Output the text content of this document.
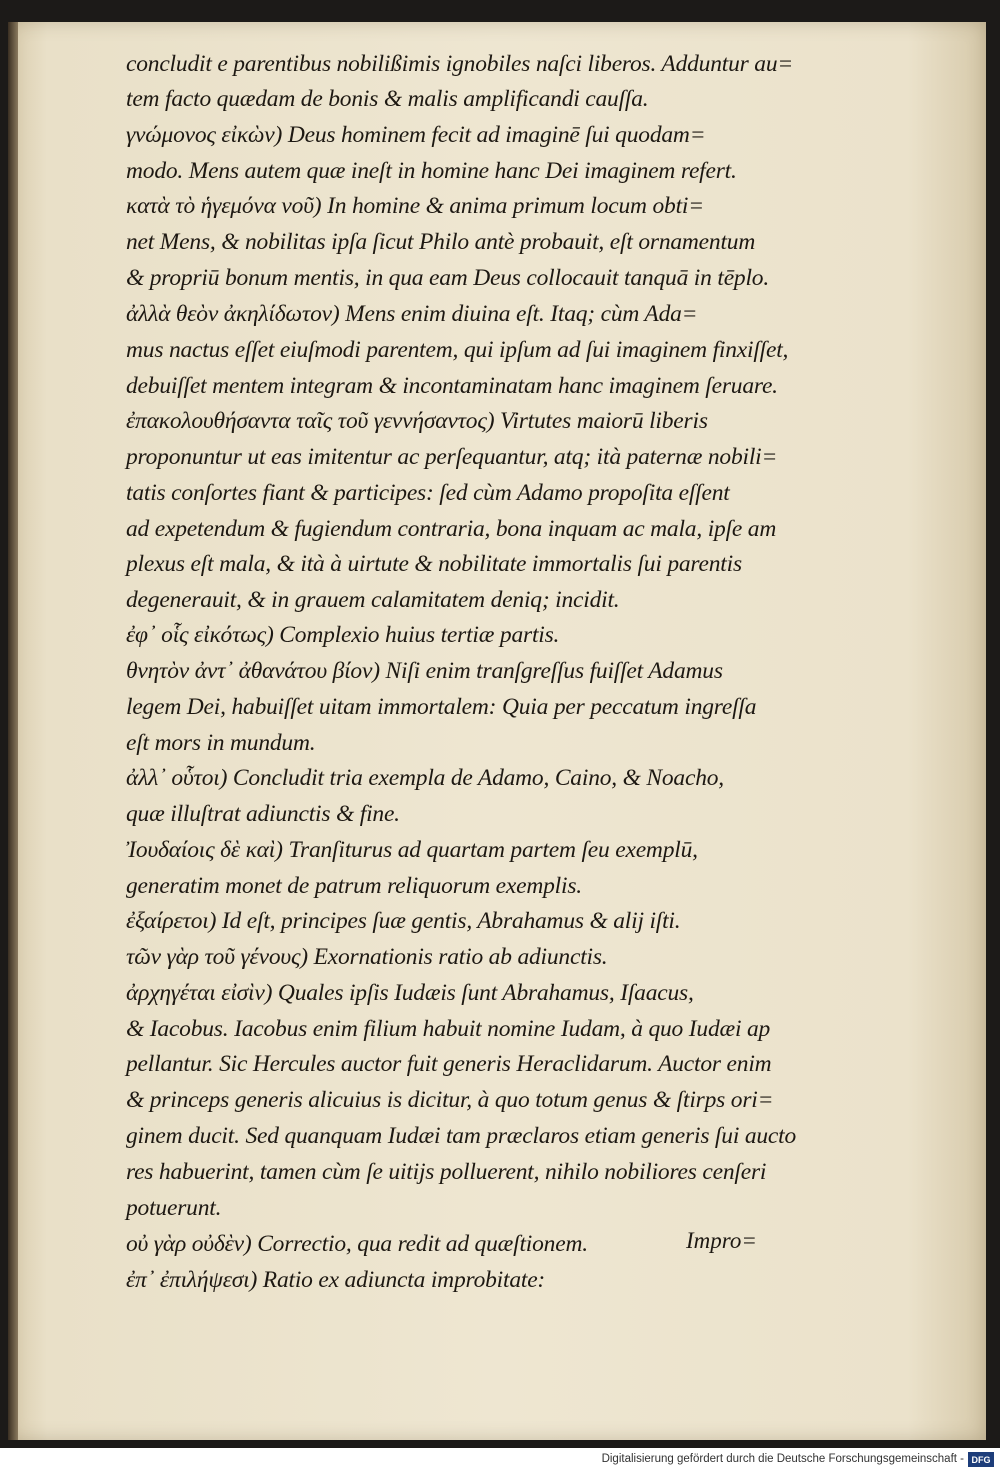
concludit e parentibus nobilißimis ignobiles naſci liberos. Adduntur au=
tem facto quædam de bonis & malis amplificandi cauſſa.
γνώμονος εἰκὼν) Deus hominem fecit ad imaginē ſui quodam=
modo. Mens autem quæ ineſt in homine hanc Dei imaginem refert.
κατὰ τὸ ἡγεμόνα νοῦ) In homine & anima primum locum obti=
net Mens, & nobilitas ipſa ſicut Philo antè probauit, eſt ornamentum
& propriū bonum mentis, in qua eam Deus collocauit tanquā in tēplo.
ἀλλὰ θεὸν ἀκηλίδωτον) Mens enim diuina eſt. Itaq; cùm Ada=
mus nactus eſſet eiuſmodi parentem, qui ipſum ad ſui imaginem finxiſſet,
debuiſſet mentem integram & incontaminatam hanc imaginem ſeruare.
ἐπακολουθήσαντα ταῖς τοῦ γεννήσαντος) Virtutes maiorū liberis
proponuntur ut eas imitentur ac perſequantur, atq; ità paternæ nobili=
tatis conſortes fiant & participes: ſed cùm Adamo propoſita eſſent
ad expetendum & fugiendum contraria, bona inquam ac mala, ipſe am
plexus eſt mala, & ità à uirtute & nobilitate immortalis ſui parentis
degenerauit, & in grauem calamitatem deniq; incidit.
ἐφ᾽ οἷς εἰκότως) Complexio huius tertiæ partis.
θνητὸν ἀντ᾽ ἀθανάτου βίον) Niſi enim tranſgreſſus fuiſſet Adamus
legem Dei, habuiſſet uitam immortalem: Quia per peccatum ingreſſa
eſt mors in mundum.
ἀλλ᾽ οὗτοι) Concludit tria exempla de Adamo, Caino, & Noacho,
quæ illuſtrat adiunctis & fine.
Ἰουδαίοις δὲ καὶ) Tranſiturus ad quartam partem ſeu exemplū,
generatim monet de patrum reliquorum exemplis.
ἐξαίρετοι) Id eſt, principes ſuæ gentis, Abrahamus & alij iſti.
τῶν γὰρ τοῦ γένους) Exornationis ratio ab adiunctis.
ἀρχηγέται εἰσὶν) Quales ipſis Iudæis ſunt Abrahamus, Iſaacus,
& Iacobus. Iacobus enim filium habuit nomine Iudam, à quo Iudæi ap
pellantur. Sic Hercules auctor fuit generis Heraclidarum. Auctor enim
& princeps generis alicuius is dicitur, à quo totum genus & ſtirps ori=
ginem ducit. Sed quanquam Iudæi tam præclaros etiam generis ſui aucto
res habuerint, tamen cùm ſe uitijs polluerent, nihilo nobiliores cenſeri
potuerunt.
οὐ γὰρ οὐδὲν) Correctio, qua redit ad quæſtionem.
ἐπ᾽ ἐπιλήψεσι) Ratio ex adiuncta improbitate:
Impro=
Digitalisierung gefördert durch die Deutsche Forschungsgemeinschaft - DFG
